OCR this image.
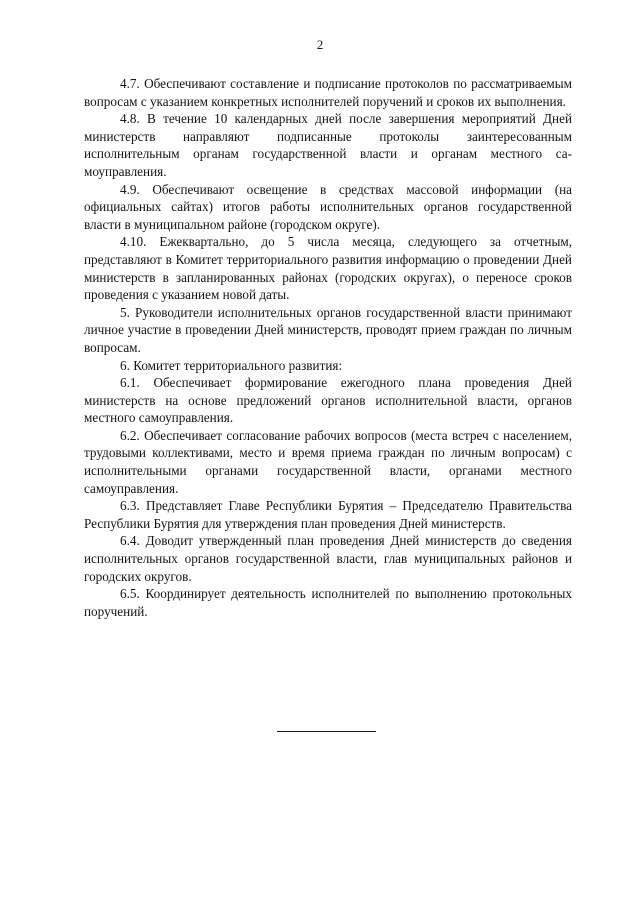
2

4.7. Обеспечивают составление и подписание протоколов по рассматриваемым вопросам с указанием конкретных исполнителей поручений и сроков их выполнения.

4.8. В течение 10 календарных дней после завершения мероприятий Дней министерств направляют подписанные протоколы заинтересованным исполнительным органам государственной власти и органам местного самоуправления.

4.9. Обеспечивают освещение в средствах массовой информации (на официальных сайтах) итогов работы исполнительных органов государственной власти в муниципальном районе (городском округе).

4.10. Ежеквартально, до 5 числа месяца, следующего за отчетным, представляют в Комитет территориального развития информацию о проведении Дней министерств в запланированных районах (городских округах), о переносе сроков проведения с указанием новой даты.

5. Руководители исполнительных органов государственной власти принимают личное участие в проведении Дней министерств, проводят прием граждан по личным вопросам.

6. Комитет территориального развития:

6.1. Обеспечивает формирование ежегодного плана проведения Дней министерств на основе предложений органов исполнительной власти, органов местного самоуправления.

6.2. Обеспечивает согласование рабочих вопросов (места встреч с населением, трудовыми коллективами, место и время приема граждан по личным вопросам) с исполнительными органами государственной власти, органами местного самоуправления.

6.3. Представляет Главе Республики Бурятия – Председателю Правительства Республики Бурятия для утверждения план проведения Дней министерств.

6.4. Доводит утвержденный план проведения Дней министерств до сведения исполнительных органов государственной власти, глав муниципальных районов и городских округов.

6.5. Координирует деятельность исполнителей по выполнению протокольных поручений.
